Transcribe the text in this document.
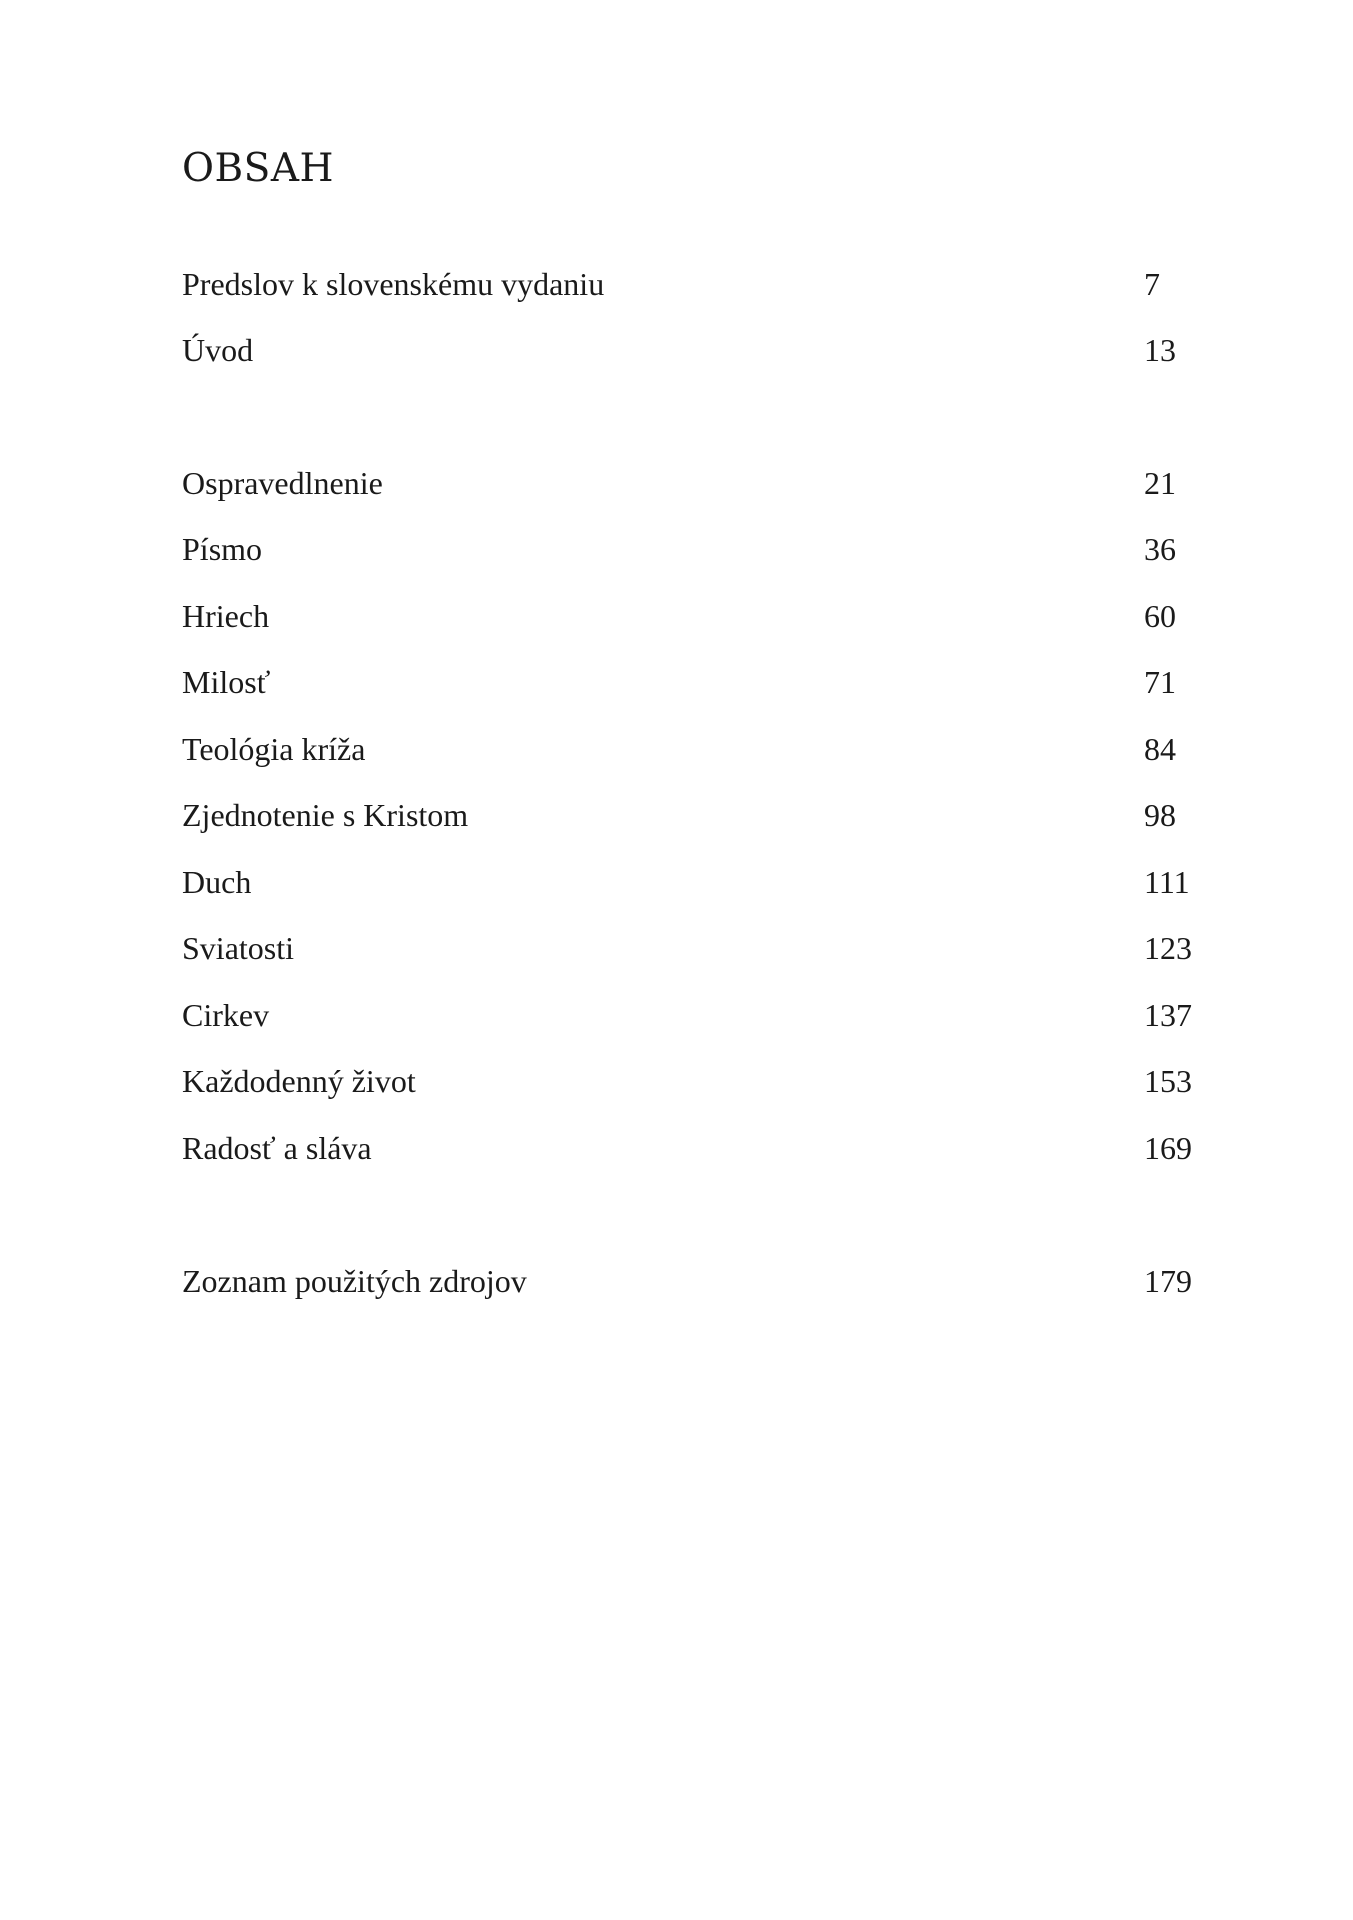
OBSAH
Predslov k slovenskému vydaniu	7
Úvod	13
Ospravedlnenie	21
Písmo	36
Hriech	60
Milosť	71
Teológia kríža	84
Zjednotenie s Kristom	98
Duch	111
Sviatosti	123
Cirkev	137
Každodenný život	153
Radosť a sláva	169
Zoznam použitých zdrojov	179
